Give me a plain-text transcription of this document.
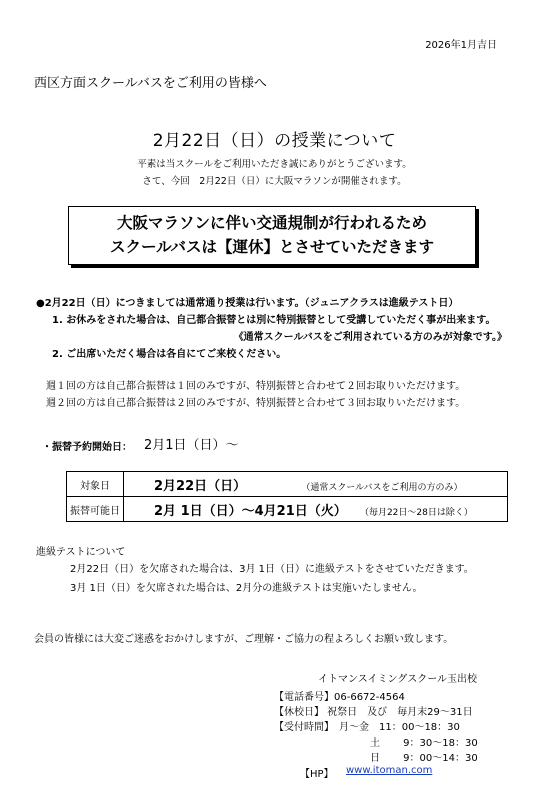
2026年1月吉日
西区方面スクールバスをご利用の皆様へ
2月22日（日）の授業について
平素は当スクールをご利用いただき誠にありがとうございます。
さて、今回　2月22日（日）に大阪マラソンが開催されます。
大阪マラソンに伴い交通規制が行われるため
スクールバスは【運休】とさせていただきます
●2月22日（日）につきましては通常通り授業は行います。（ジュニアクラスは進級テスト日）
1. お休みをされた場合は、自己都合振替とは別に特別振替として受講していただく事が出来ます。
《通常スクールバスをご利用されている方のみが対象です。》
2. ご出席いただく場合は各自にてご来校ください。
週１回の方は自己都合振替は１回のみですが、特別振替と合わせて２回お取りいただけます。
週２回の方は自己都合振替は２回のみですが、特別振替と合わせて３回お取りいただけます。
・振替予約開始日： 2月1日（日）～
対象日	2月22日（日） （通常スクールバスをご利用の方のみ）
振替可能日	2月 1日（日）～4月21日（火） （毎月22日～28日は除く）
進級テストについて
2月22日（日）を欠席された場合は、3月 1日（日）に進級テストをさせていただきます。
3月 1日（日）を欠席された場合は、2月分の進級テストは実施いたしません。
会員の皆様には大変ご迷惑をおかけしますが、ご理解・ご協力の程よろしくお願い致します。
イトマンスイミングスクール玉出校
【電話番号】06-6672-4564
【休校日】 祝祭日　及び　毎月末29～31日
【受付時間】　月～金　11：00～18：30
土　　 9：30～18：30
日　　 9：00～14：30
【HP】 www.itoman.com
